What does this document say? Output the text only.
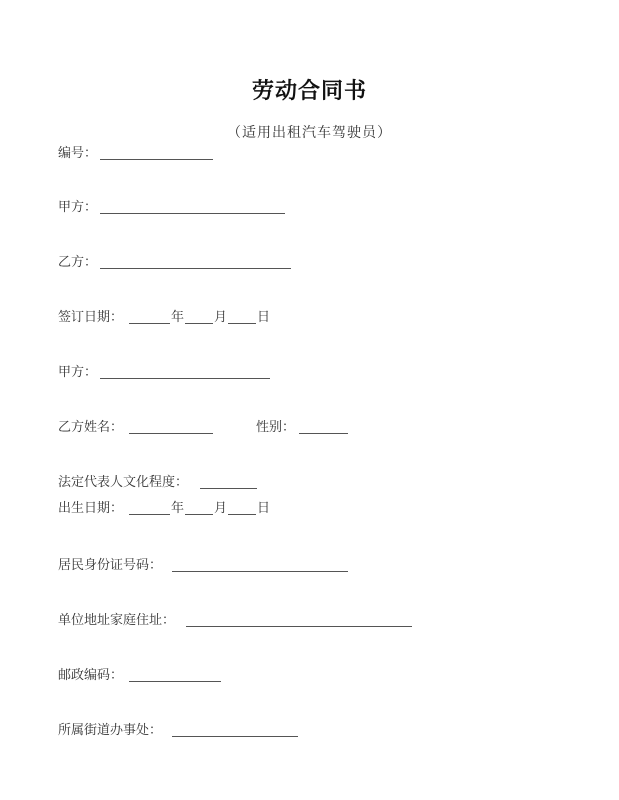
劳动合同书
（适用出租汽车驾驶员）
编号：
甲方：
乙方：
签订日期：	年 月 日
甲方：
乙方姓名：	性别：
法定代表人文化程度：
出生日期：	年 月 日
居民身份证号码：
单位地址家庭住址：
邮政编码：
所属街道办事处：
